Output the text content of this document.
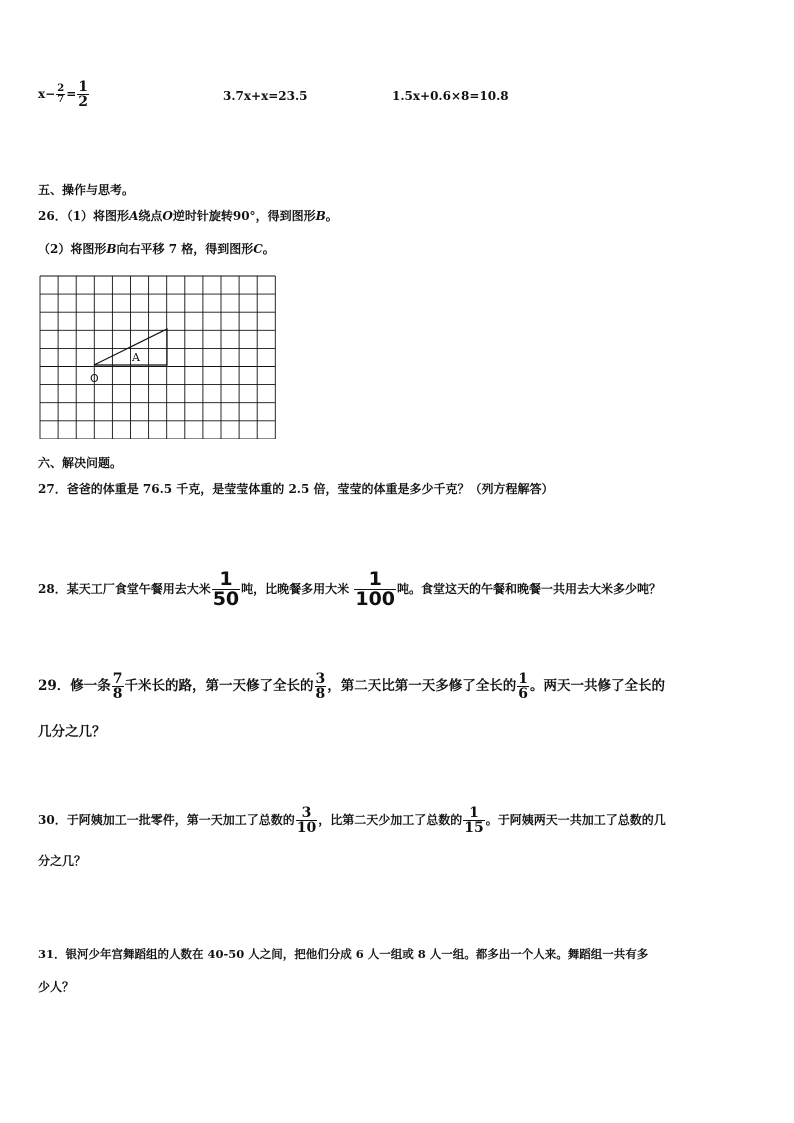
$x- \frac{2}{7} = \frac{1}{2}$	3.7x+x=23.5	1.5x+0.6×8=10.8
五、操作与思考。
26．（1）将图形A绕点O逆时针旋转90°，得到图形B。
（2）将图形B向右平移 7 格，得到图形C。
A
O
六、解决问题。
27．爸爸的体重是 76.5 千克，是莹莹体重的 2.5 倍，莹莹的体重是多少千克？（列方程解答）
28．某天工厂食堂午餐用去大米 $\frac{1}{50}$ 吨，比晚餐多用大米 $\frac{1}{100}$ 吨。食堂这天的午餐和晚餐一共用去大米多少吨？
29．修一条 $\frac{7}{8}$ 千米长的路，第一天修了全长的 $\frac{3}{8}$ ，第二天比第一天多修了全长的 $\frac{1}{6}$ 。两天一共修了全长的
几分之几？
30．于阿姨加工一批零件，第一天加工了总数的 $\frac{3}{10}$ ，比第二天少加工了总数的 $\frac{1}{15}$ 。于阿姨两天一共加工了总数的几
分之几？
31．银河少年宫舞蹈组的人数在 40-50 人之间，把他们分成 6 人一组或 8 人一组。都多出一个人来。舞蹈组一共有多
少人？
